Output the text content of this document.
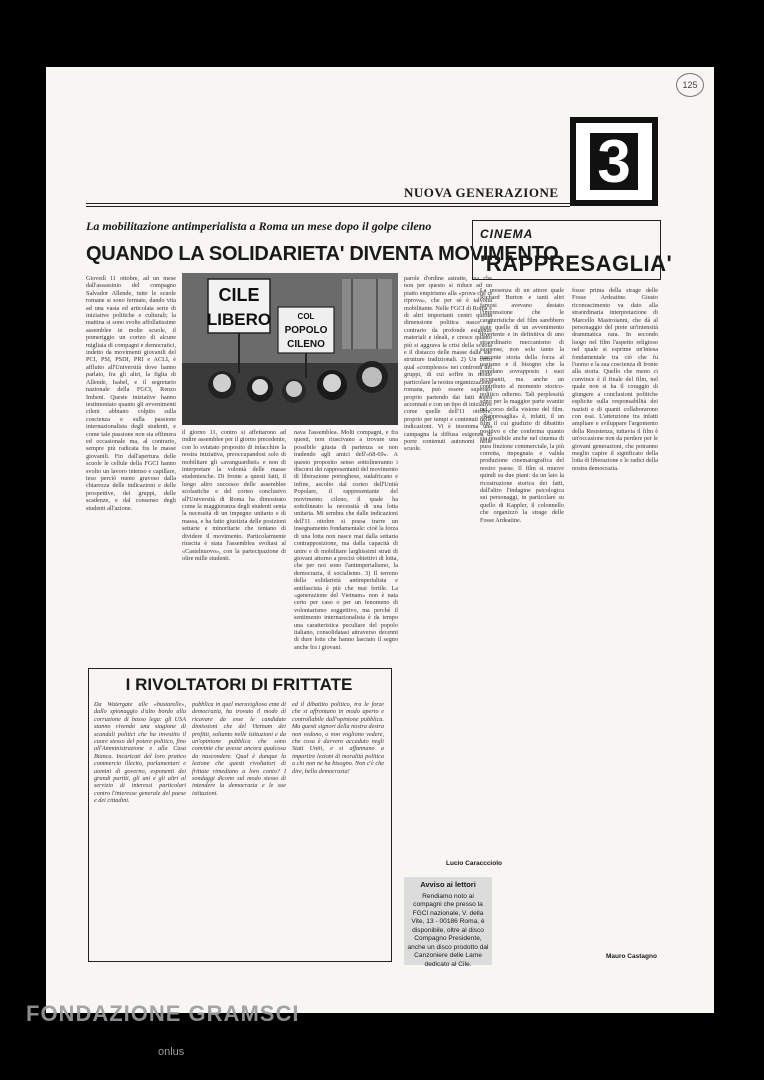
125
NUOVA GENERAZIONE 3
La mobilitazione antimperialista a Roma un mese dopo il golpe cileno
QUANDO LA SOLIDARIETA' DIVENTA MOVIMENTO
CILE
LIBERO	COL
POPOLO
CILENO
Giovedì 11 ottobre, ad un mese dall'assassinio del compagno Salvador Allende, tutte le scuole romane si sono fermate, dando vita ad una vasta ed articolata serie di iniziative politiche e culturali; la mattina si sono svolte affollatissime assemblee in molte scuole, il pomeriggio un corteo di alcune migliaia di compagni e democratici, indetto da movimenti giovanili del PCI, PSI, PSDI, PRI e ACLI, è affluito all'Università dove hanno parlato, fra gli altri, la figlia di Allende, Isabel, e il segretario nazionale della FGCI, Renzo Imbeni. Queste iniziative hanno testimoniato quanto gli avvenimenti cileni abbiano colpito sulla coscienza e sulla passione internazionalista degli studenti, e come tale passione non sia effimera ed occasionale ma, al contrario, sempre più radicata fra le masse giovanili. Fin dall'apertura delle scuole le cellule della FGCI hanno svolto un lavoro intenso e capillare, teso perciò meno gravoso dalla chiarezza delle indicazioni e delle prospettive, dei gruppi, delle scadenze, e dal consenso degli studenti all'azione.
il giorno 11, contro si affettarono ad indire assemblee per il giorno precedente, con lo sviatato proposito di infacchire la nostra iniziativa, preoccupandosi solo di mobilitare gli «avanguardisti» e non di interpretare la volontà delle masse studentesche. Di fronte a questi fatti, il luogo altro successo delle assemblee scolastiche e del corteo conclusivo all'Università di Roma ha dimostrato come la maggioranza degli studenti senta la necessità di un impegno unitario e di massa, e ha fatto giustizia delle posizioni settarie e minoritarie che tentano di dividere il movimento. Particolarmente riuscita è stata l'assemblea svoltasi al «Castelnuovo», con la partecipazione di oltre mille studenti.
nava l'assemblea. Molti compagni, e fra questi, non riuscivano a trovare una possibile giusta di partenza se non tradendo agli amici dell'«68-69». A questo proposito senso sottolineranno i discorsi dei rappresentanti del movimento di liberazione portoghese, sudafricano e infine, ascolto dal corteo dell'Unità Popolare, il rappresentante del movimento cileno, il quale ha sottolineato la necessità di una lotta unitaria. Mi sembra che dalle indicazioni dell'11 ottobre si possa trarre un insegnamento fondamentale: cioè la forza di una lotta non nasce mai dalla settaria contrapposizione, ma dalla capacità di unire e di mobilitare larghissimi strati di giovani attorno a precisi obiettivi di lotta, che per noi sono l'antimperialismo, la democrazia, il socialismo. 3) Il terreno della solidarietà antimperialista e antifascista è più che mai fertile. La «generazione del Vietnam» non è nata certo per caso o per un fenomeno di volontarismo soggettivo, ma perché il sentimento internazionalista è da tempo una caratteristica peculiare del popolo italiano, consolidatasi attraverso decenni di dure lotte che hanno lasciato il segno anche fra i giovani.
parole d'ordine astratte, ma che non per questo si riduce ad un piatto empirismo alla «prova che ci riprova», che per sé è talvolta mobilitante. Nelle FGCI di Roma e di altri importanti centri questa dimensione politica nasce al contrario da profonde esigenze materiali e ideali, e cresce quanto più si aggrava la crisi della scuola e il distacco delle masse dalle sue strutture tradizionali. 2) Un certo qual «complesso» nei confronti dei gruppi, di cui soffre in modo particolare la nostra organizzazione romana, può essere superato proprio partendo dai fatti sopra accennati e con un tipo di iniziative come quelle dell'11 ottobre, proprio per tempi e contenuti nelle indicazioni. Vi è insomma una campagna la diffusa esigenza di porre contenuti autonomi nelle scuole.
Lucio Caraccciolo
Avviso ai lettori
Rendiamo noto ai compagni che presso la FGCI nazionale, V. della Vite, 13 - 00186 Roma, è disponibile, oltre al disco Compagno Presidente, anche un disco prodotto dal Canzoniere delle Lame dedicato al Cile.
CINEMA
'RAPPRESAGLIA'
La presenza di un attore quale Richard Burton e tanti altri famosi avevano destato l'impressione che le caratteristiche del film sarebbero state quelle di un avvenimento divertente e in definitiva di uno straordinario meccanismo di suspense, non solo tanto la nascente storia della forza al nazismo e il bisogno che la prendano sovrapposto i suoi occupanti, ma anche un contributo al momento storico-politico odierno. Tali perplessità sono per la maggior parte svanite nel corso della visione del film. «Rappresaglia» è, infatti, il un film il cui giudizio di dibattito positivo e che conferma quanto sia possibile anche nel cinema di pura finzione commerciale, la più corretta, impegnata e valida produzione cinematografica del nostro paese. Il film si muove quindi su due piani: da un lato la ricostruzione storica dei fatti, dall'altro l'indagine psicologica sui personaggi, in particolare su quello di Kappler, il colonnello che organizzò la strage delle Fosse Ardeatine.
fosse prima della strage delle Fosse Ardeatine. Giusto riconoscimento va dato alla straordinaria interpretazione di Marcello Mastroianni, che dà al personaggio del prete un'intensità drammatica rara. In secondo luogo nel film l'aspetto religioso nel quale si esprime un'intesa fondamentale tra ciò che fu l'uomo e la sua coscienza di fronte alla storia. Quello che meno ci convince è il finale del film, nel quale non si ha il coraggio di giungere a conclusioni politiche esplicite sulla responsabilità dei nazisti e di quanti collaborarono con essi. L'attenzione tra infatti ampliare e sviluppare l'argomento della Resistenza, tuttavia il film è un'occasione non da perdere per le giovani generazioni, che potranno meglio capire il significato della lotta di liberazione e le radici della nostra democrazia.
Mauro Castagno
I RIVOLTATORI DI FRITTATE
Da Watergate alle «bustarelle», dallo spionaggio d'alto bordo alla corruzione di basso lega: gli USA stanno vivendo una stagione di scandali politici che ha investito il cuore stesso del potere politico, fino all'Amministrazione e alla Casa Bianca. Incaricati del loro pratico commercio illecito, parlamentari e uomini di governo, esponenti dei grandi partiti, gli uni e gli altri al servizio di interessi particolari contro l'interesse generale del paese e dei cittadini.
pubblica in quel meraviglioso ente di democrazia, ha trovato il modo di ricavare da esse le candidate dimissioni che del Vietnam dei profitti, soltanto nelle istituzioni e da un'opinione pubblica che sono convinte che avesse ancora qualcosa da nascondere. Qual è dunque la lezione che questi rivoltatori di frittate rimediano a loro conto? I sondaggi dicono sul modo stesso di intendere la democrazia e le sue istituzioni.
ed il dibattito politico, tra le forze che si affrontano in modo aperto e controllabile dall'opinione pubblica. Ma questi signori della nostra destra non vedono, o non vogliono vedere, che cosa è davvero accaduto negli Stati Uniti, e si affannano a impartire lezioni di moralità politica a chi non ne ha bisogno. Non c'è che dire, bella democrazia!
FONDAZIONE GRAMSCI
onlus
